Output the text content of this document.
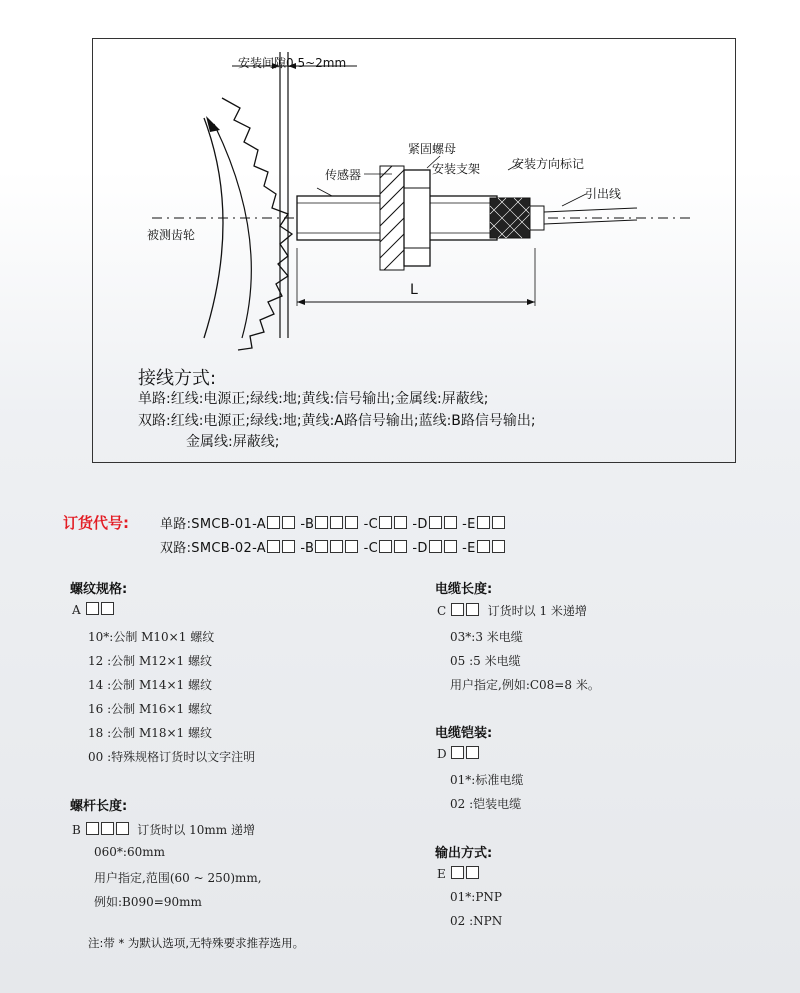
安装间隙0.5~2mm
紧固螺母
传感器	安装支架	安装方向标记
引出线
被测齿轮
L
接线方式:
单路:红线:电源正;绿线:地;黄线:信号输出;金属线:屏蔽线;
双路:红线:电源正;绿线:地;黄线:A路信号输出;蓝线:B路信号输出;
金属线:屏蔽线;
订货代号: 单路:SMCB-01-A	-B	-C	-D	-E
双路:SMCB-02-A	-B	-C	-D	-E
螺纹规格:
A
10*:公制 M10×1 螺纹
12 :公制 M12×1 螺纹
14 :公制 M14×1 螺纹
16 :公制 M16×1 螺纹
18 :公制 M18×1 螺纹
00 :特殊规格订货时以文字注明
螺杆长度:
B	订货时以 10mm 递增
060*:60mm
用户指定,范围(60 ~ 250)mm,
例如:B090=90mm
电缆长度:
C	订货时以 1 米递增
03*:3 米电缆
05 :5 米电缆
用户指定,例如:C08=8 米。
电缆铠装:
D
01*:标准电缆
02 :铠装电缆
输出方式:
E
01*:PNP
02 :NPN
注:带 * 为默认选项,无特殊要求推荐选用。
